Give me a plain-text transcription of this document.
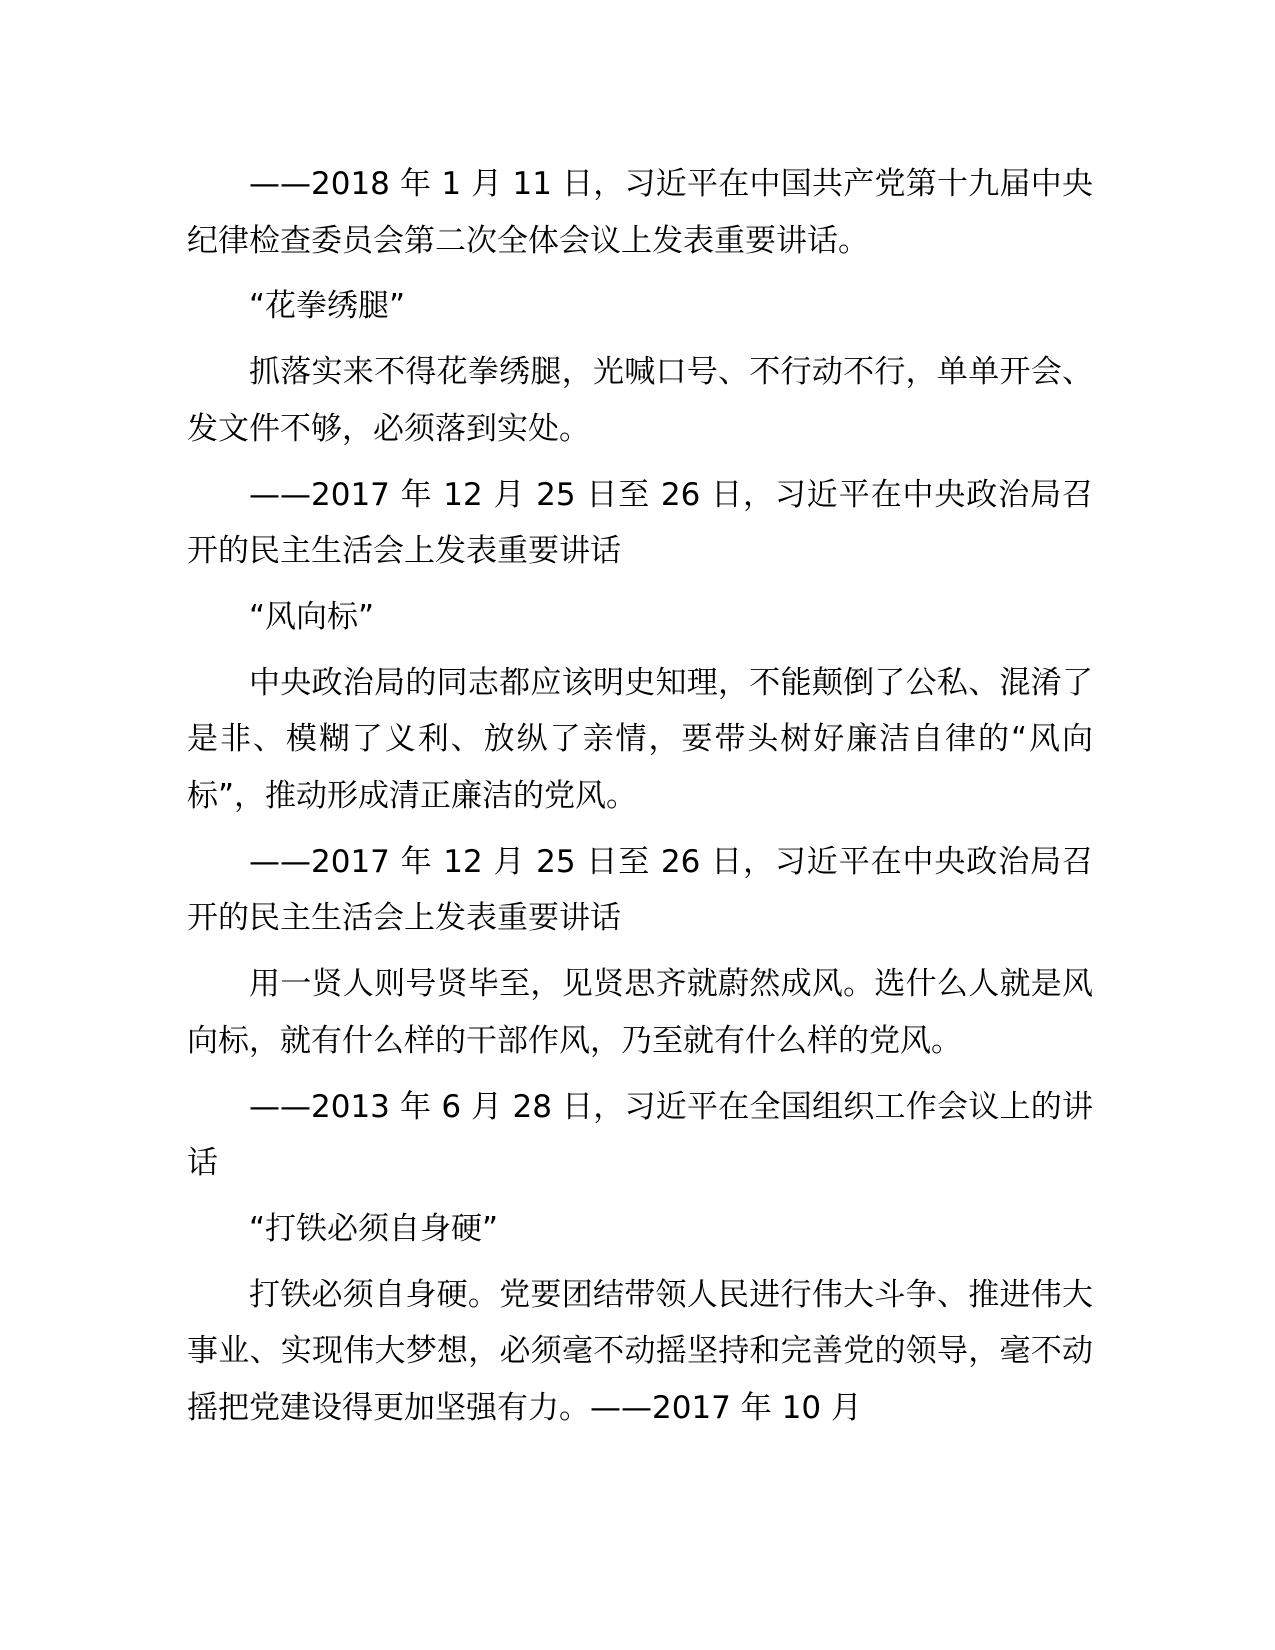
——2018 年 1 月 11 日，习近平在中国共产党第十九届中央纪律检查委员会第二次全体会议上发表重要讲话。

“花拳绣腿”

抓落实来不得花拳绣腿，光喊口号、不行动不行，单单开会、发文件不够，必须落到实处。

——2017 年 12 月 25 日至 26 日，习近平在中央政治局召开的民主生活会上发表重要讲话

“风向标”

中央政治局的同志都应该明史知理，不能颠倒了公私、混淆了是非、模糊了义利、放纵了亲情，要带头树好廉洁自律的“风向标”，推动形成清正廉洁的党风。

——2017 年 12 月 25 日至 26 日，习近平在中央政治局召开的民主生活会上发表重要讲话

用一贤人则号贤毕至，见贤思齐就蔚然成风。选什么人就是风向标，就有什么样的干部作风，乃至就有什么样的党风。

——2013 年 6 月 28 日，习近平在全国组织工作会议上的讲话

“打铁必须自身硬”

打铁必须自身硬。党要团结带领人民进行伟大斗争、推进伟大事业、实现伟大梦想，必须毫不动摇坚持和完善党的领导，毫不动摇把党建设得更加坚强有力。——2017 年 10 月
